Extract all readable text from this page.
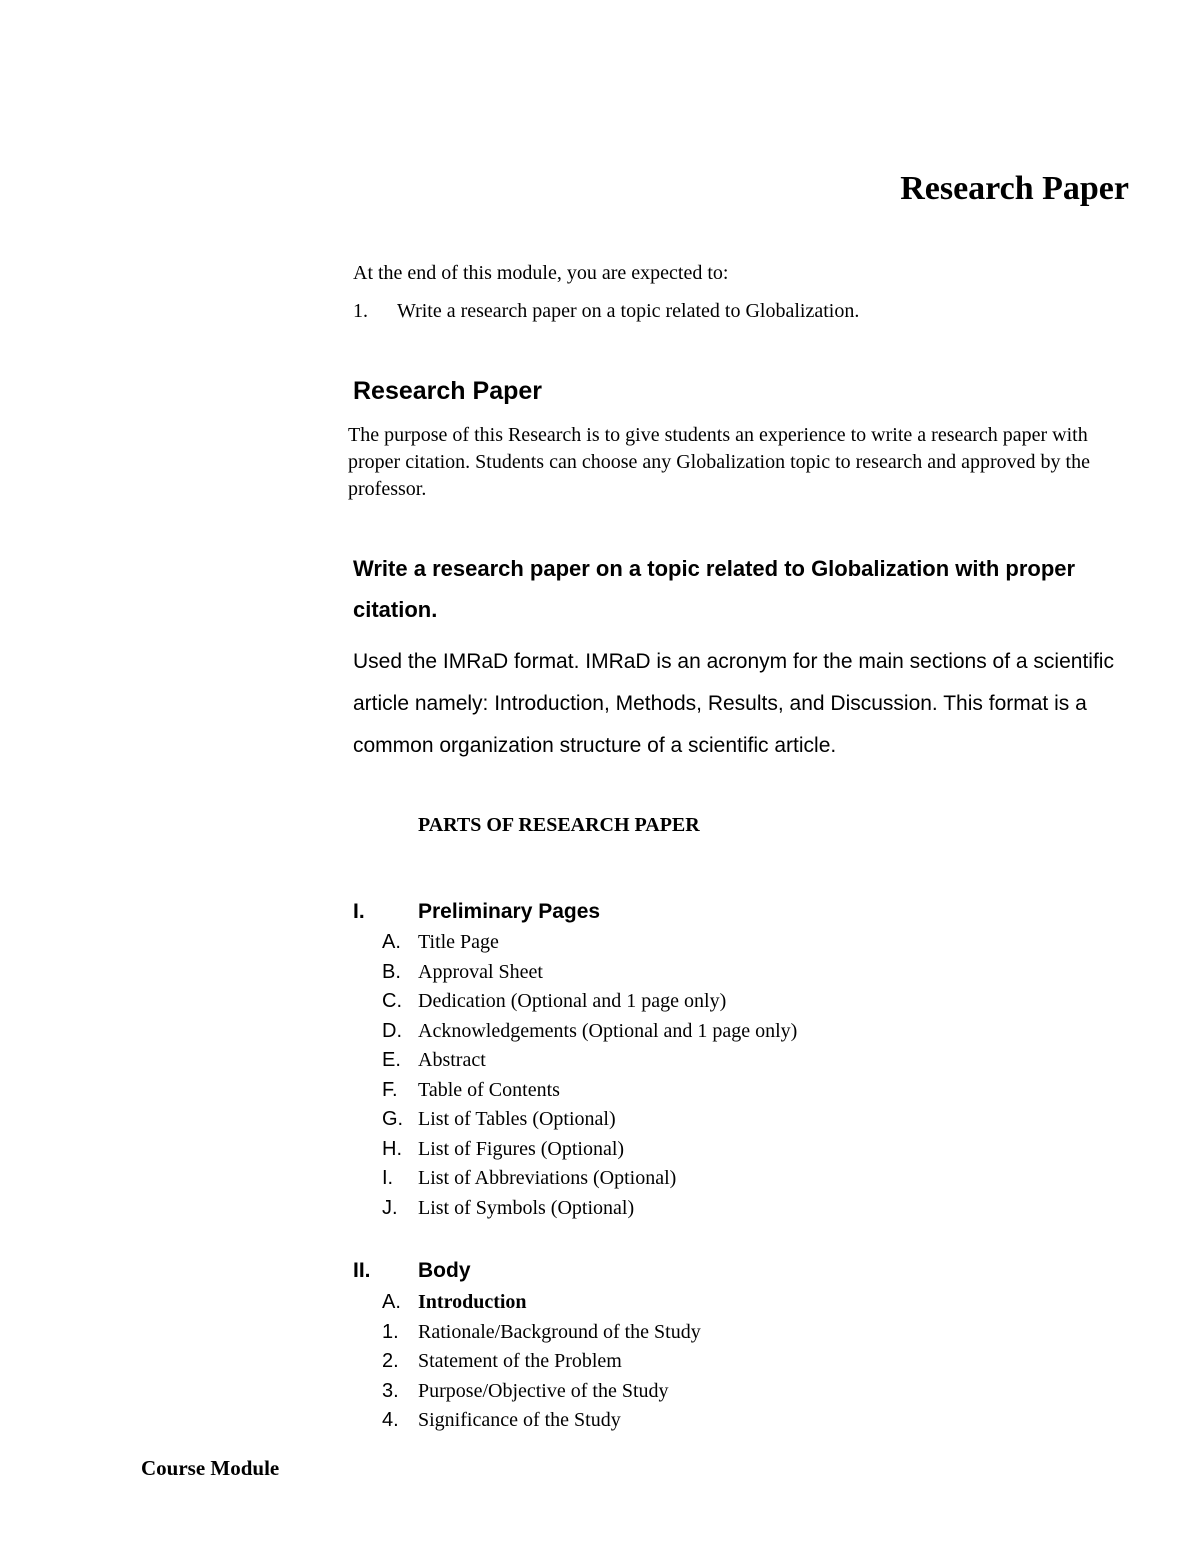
Research Paper

At the end of this module, you are expected to:

1. Write a research paper on a topic related to Globalization.

Research Paper

The purpose of this Research is to give students an experience to write a research paper with proper citation. Students can choose any Globalization topic to research and approved by the professor.

Write a research paper on a topic related to Globalization with proper citation.

Used the IMRaD format. IMRaD is an acronym for the main sections of a scientific article namely: Introduction, Methods, Results, and Discussion. This format is a common organization structure of a scientific article.

PARTS OF RESEARCH PAPER

I.	Preliminary Pages
A. Title Page
B. Approval Sheet
C. Dedication (Optional and 1 page only)
D. Acknowledgements (Optional and 1 page only)
E. Abstract
F. Table of Contents
G. List of Tables (Optional)
H. List of Figures (Optional)
I. List of Abbreviations (Optional)
J. List of Symbols (Optional)
II. Body
A. Introduction
1. Rationale/Background of the Study
2. Statement of the Problem
3. Purpose/Objective of the Study
4. Significance of the Study
Course Module
